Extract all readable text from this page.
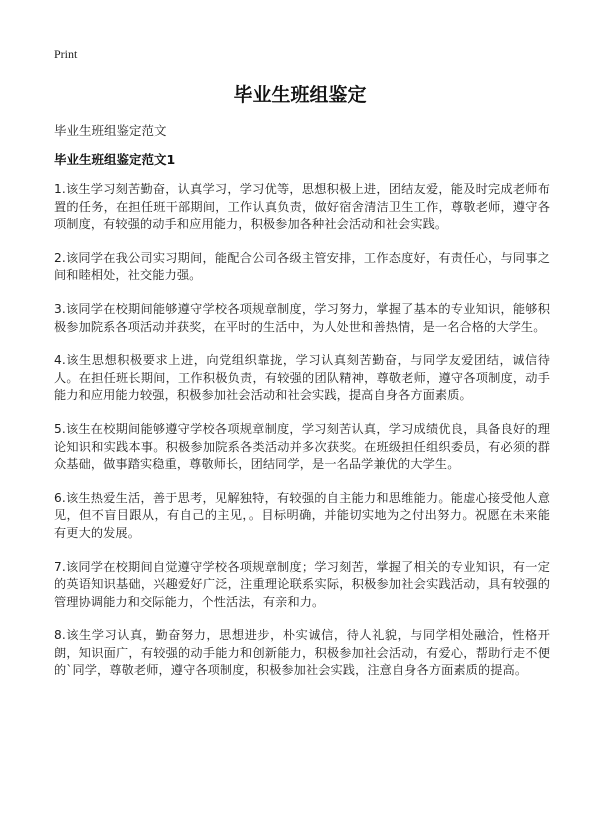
Print
毕业生班组鉴定
毕业生班组鉴定范文
毕业生班组鉴定范文1

1.该生学习刻苦勤奋，认真学习，学习优等，思想积极上进，团结友爱，能及时完成老师布置的任务，在担任班干部期间，工作认真负责，做好宿舍清洁卫生工作，尊敬老师，遵守各项制度，有较强的动手和应用能力，积极参加各种社会活动和社会实践。

2.该同学在我公司实习期间，能配合公司各级主管安排，工作态度好，有责任心，与同事之间和睦相处，社交能力强。

3.该同学在校期间能够遵守学校各项规章制度，学习努力，掌握了基本的专业知识，能够积极参加院系各项活动并获奖，在平时的生活中，为人处世和善热情，是一名合格的大学生。

4.该生思想积极要求上进，向党组织靠拢，学习认真刻苦勤奋，与同学友爱团结，诚信待人。在担任班长期间，工作积极负责，有较强的团队精神，尊敬老师，遵守各项制度，动手能力和应用能力较强，积极参加社会活动和社会实践，提高自身各方面素质。

5.该生在校期间能够遵守学校各项规章制度，学习刻苦认真，学习成绩优良，具备良好的理论知识和实践本事。积极参加院系各类活动并多次获奖。在班级担任组织委员，有必须的群众基础，做事踏实稳重，尊敬师长，团结同学，是一名品学兼优的大学生。

6.该生热爱生活，善于思考，见解独特，有较强的自主能力和思维能力。能虚心接受他人意见，但不盲目跟从，有自己的主见，。目标明确，并能切实地为之付出努力。祝愿在未来能有更大的发展。

7.该同学在校期间自觉遵守学校各项规章制度；学习刻苦，掌握了相关的专业知识，有一定的英语知识基础，兴趣爱好广泛，注重理论联系实际，积极参加社会实践活动，具有较强的管理协调能力和交际能力，个性活法，有亲和力。

8.该生学习认真，勤奋努力，思想进步，朴实诚信，待人礼貌，与同学相处融洽，性格开朗，知识面广，有较强的动手能力和创新能力，积极参加社会活动，有爱心，帮助行走不便的`同学，尊敬老师，遵守各项制度，积极参加社会实践，注意自身各方面素质的提高。
